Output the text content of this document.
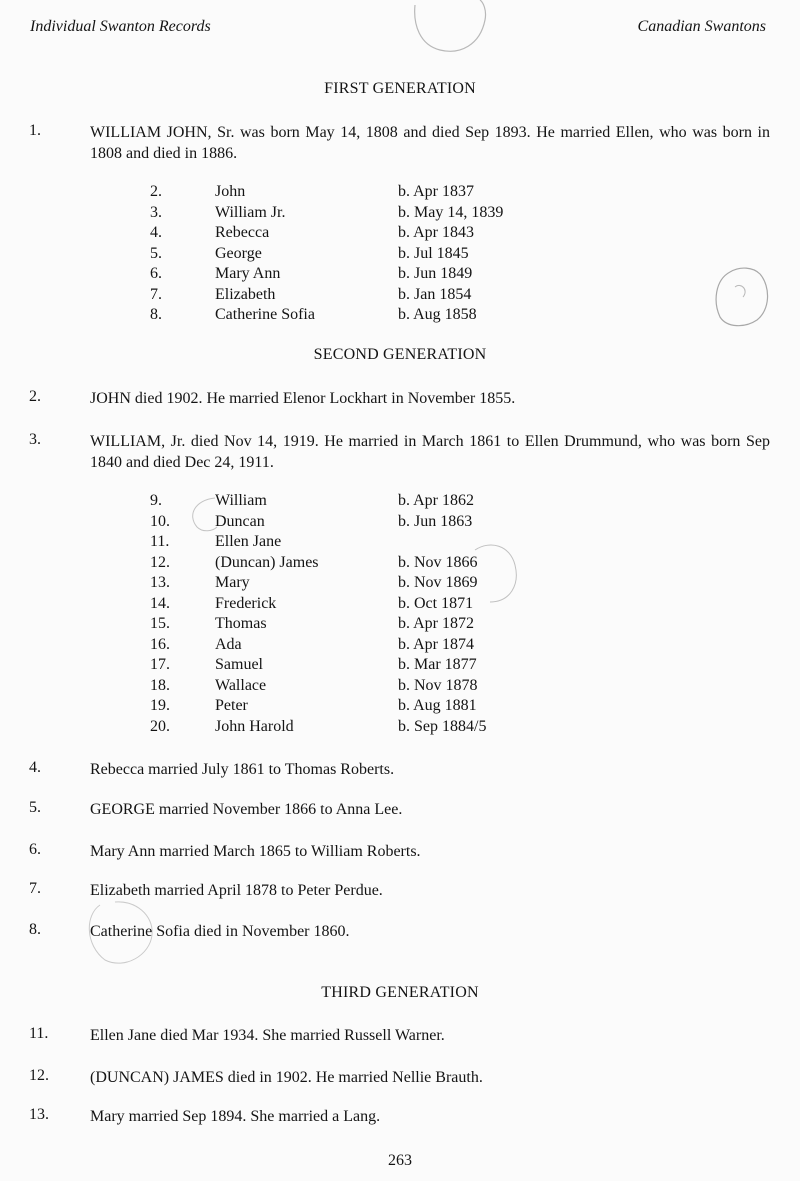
Individual Swanton Records	Canadian Swantons
FIRST GENERATION
1.	WILLIAM JOHN, Sr. was born May 14, 1808 and died Sep 1893. He married Ellen, who was born in 1808 and died in 1886.
2.	John	b. Apr 1837
3.	William Jr.	b. May 14, 1839
4.	Rebecca	b. Apr 1843
5.	George	b. Jul 1845
6.	Mary Ann	b. Jun 1849
7.	Elizabeth	b. Jan 1854
8.	Catherine Sofia	b. Aug 1858
SECOND GENERATION
2.	JOHN died 1902. He married Elenor Lockhart in November 1855.
3.	WILLIAM, Jr. died Nov 14, 1919. He married in March 1861 to Ellen Drummund, who was born Sep 1840 and died Dec 24, 1911.
9.	William	b. Apr 1862
10.	Duncan	b. Jun 1863
11.	Ellen Jane
12.	(Duncan) James	b. Nov 1866
13.	Mary	b. Nov 1869
14.	Frederick	b. Oct 1871
15.	Thomas	b. Apr 1872
16.	Ada	b. Apr 1874
17.	Samuel	b. Mar 1877
18.	Wallace	b. Nov 1878
19.	Peter	b. Aug 1881
20.	John Harold	b. Sep 1884/5
4.	Rebecca married July 1861 to Thomas Roberts.
5.	GEORGE married November 1866 to Anna Lee.
6.	Mary Ann married March 1865 to William Roberts.
7.	Elizabeth married April 1878 to Peter Perdue.
8.	Catherine Sofia died in November 1860.
THIRD GENERATION
11.	Ellen Jane died Mar 1934. She married Russell Warner.
12.	(DUNCAN) JAMES died in 1902. He married Nellie Brauth.
13.	Mary married Sep 1894. She married a Lang.
263
